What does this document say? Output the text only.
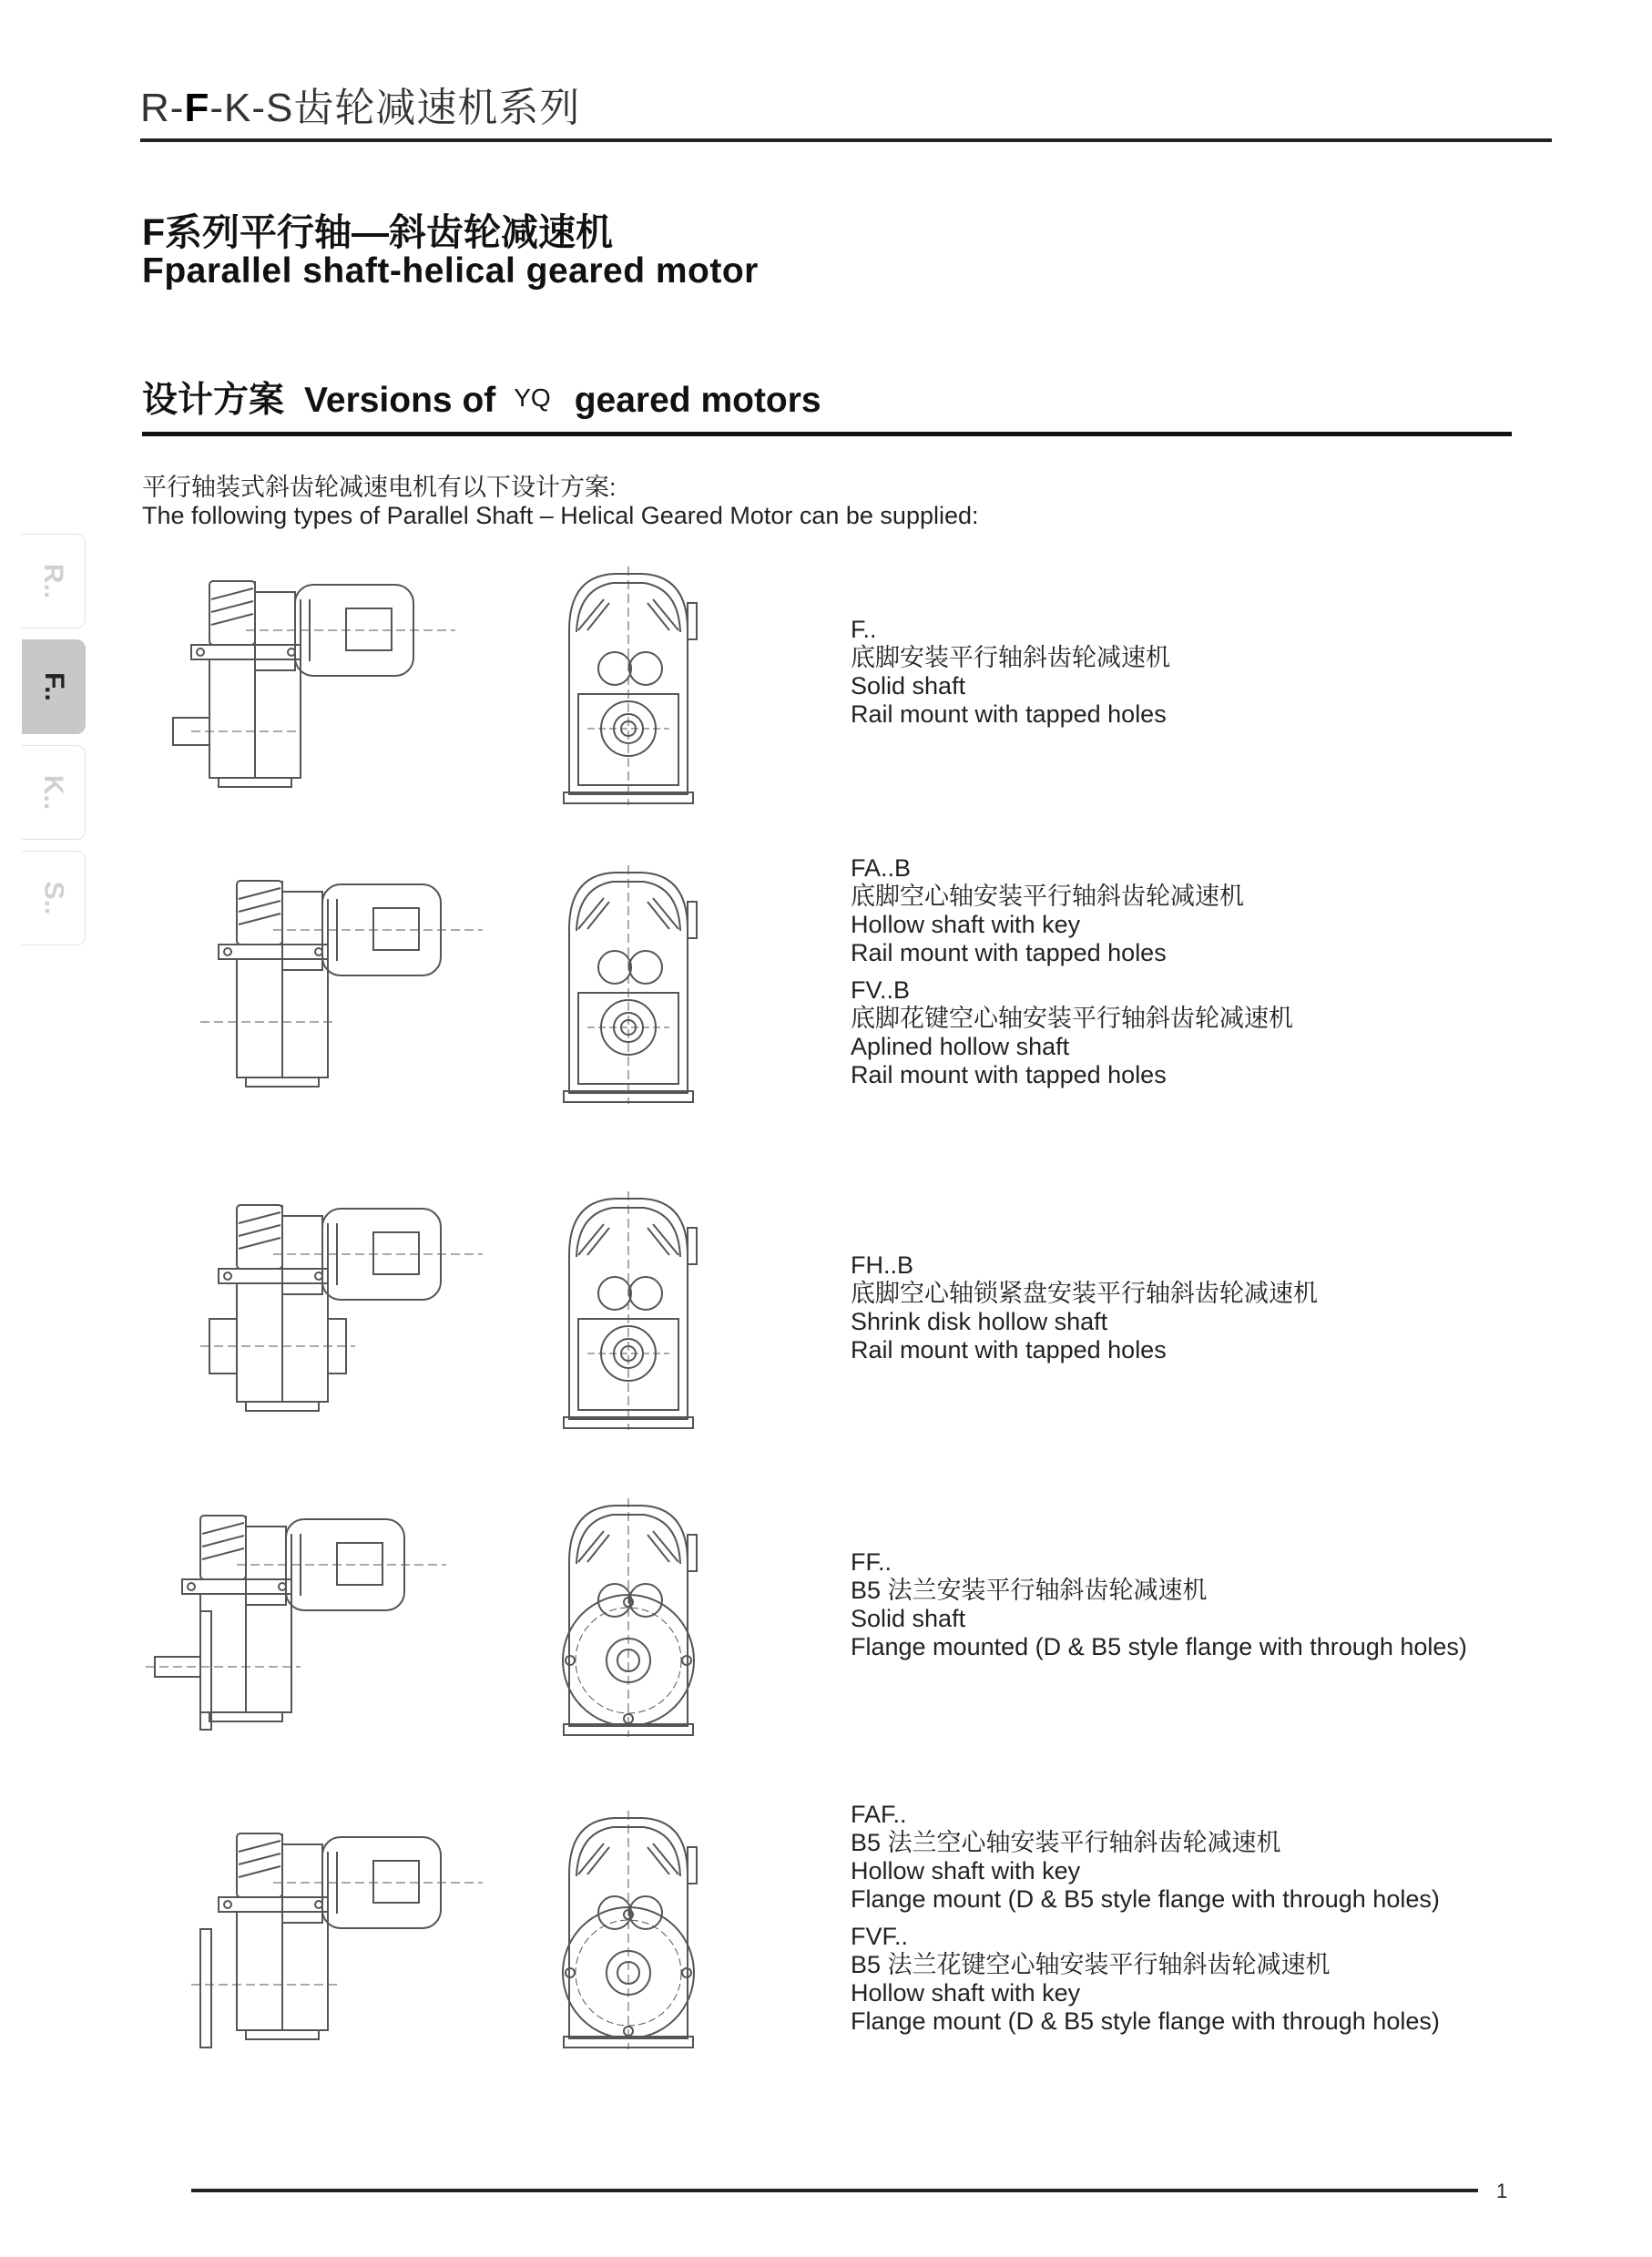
R-F-K-S齿轮减速机系列
F系列平行轴—斜齿轮减速机
Fparallel shaft-helical geared motor
设计方案 Versions of YQ geared motors
平行轴装式斜齿轮减速电机有以下设计方案:
The following types of Parallel Shaft – Helical Geared Motor can be supplied:
R..
F..
K..
S..
F..
底脚安装平行轴斜齿轮减速机
Solid shaft
Rail mount with tapped holes
FA..B
底脚空心轴安装平行轴斜齿轮减速机
Hollow shaft with key
Rail mount with tapped holes
FV..B
底脚花键空心轴安装平行轴斜齿轮减速机
Aplined hollow shaft
Rail mount with tapped holes
FH..B
底脚空心轴锁紧盘安装平行轴斜齿轮减速机
Shrink disk hollow shaft
Rail mount with tapped holes
FF..
B5 法兰安装平行轴斜齿轮减速机
Solid shaft
Flange mounted (D & B5 style flange with through holes)
FAF..
B5 法兰空心轴安装平行轴斜齿轮减速机
Hollow shaft with key
Flange mount (D & B5 style flange with through holes)
FVF..
B5 法兰花键空心轴安装平行轴斜齿轮减速机
Hollow shaft with key
Flange mount (D & B5 style flange with through holes)
1
